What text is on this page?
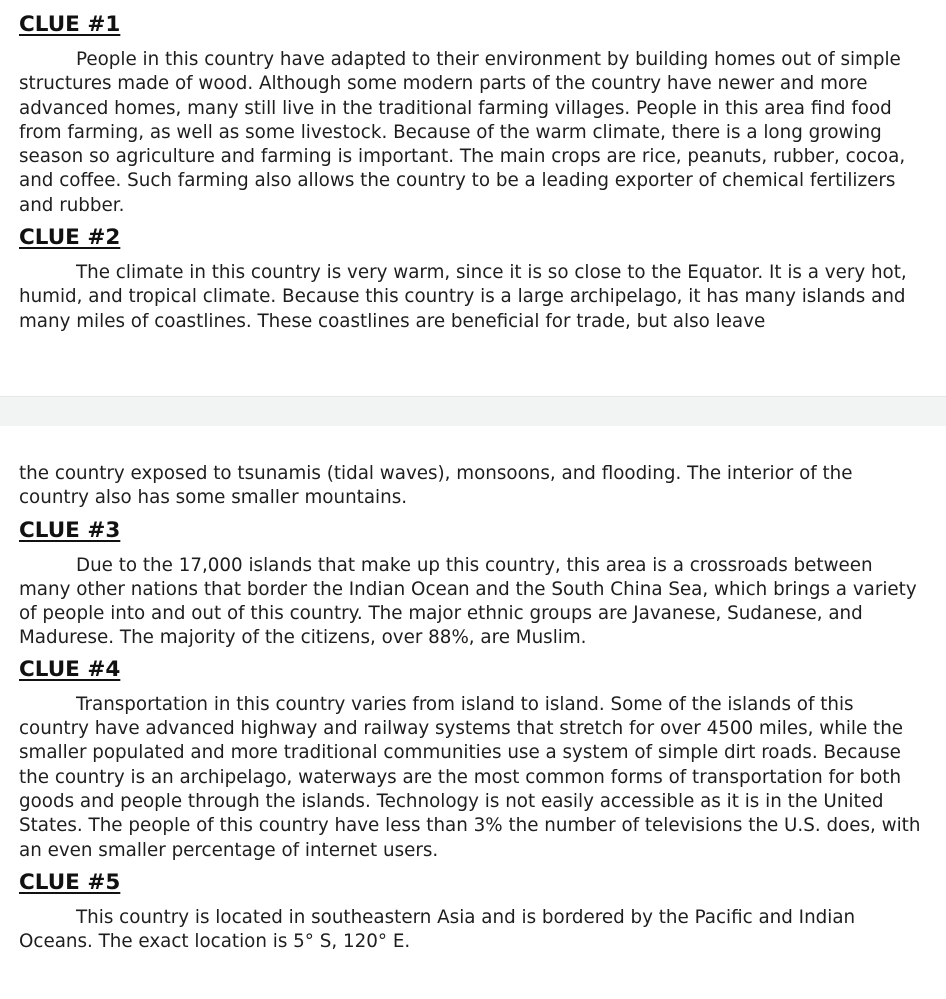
CLUE #1

People in this country have adapted to their environment by building homes out of simple structures made of wood. Although some modern parts of the country have newer and more advanced homes, many still live in the traditional farming villages. People in this area find food from farming, as well as some livestock. Because of the warm climate, there is a long growing season so agriculture and farming is important. The main crops are rice, peanuts, rubber, cocoa, and coffee. Such farming also allows the country to be a leading exporter of chemical fertilizers and rubber.

CLUE #2

The climate in this country is very warm, since it is so close to the Equator. It is a very hot, humid, and tropical climate. Because this country is a large archipelago, it has many islands and many miles of coastlines. These coastlines are beneficial for trade, but also leave

the country exposed to tsunamis (tidal waves), monsoons, and flooding. The interior of the country also has some smaller mountains.

CLUE #3

Due to the 17,000 islands that make up this country, this area is a crossroads between many other nations that border the Indian Ocean and the South China Sea, which brings a variety of people into and out of this country. The major ethnic groups are Javanese, Sudanese, and Madurese. The majority of the citizens, over 88%, are Muslim.

CLUE #4

Transportation in this country varies from island to island. Some of the islands of this country have advanced highway and railway systems that stretch for over 4500 miles, while the smaller populated and more traditional communities use a system of simple dirt roads. Because the country is an archipelago, waterways are the most common forms of transportation for both goods and people through the islands. Technology is not easily accessible as it is in the United States. The people of this country have less than 3% the number of televisions the U.S. does, with an even smaller percentage of internet users.

CLUE #5

This country is located in southeastern Asia and is bordered by the Pacific and Indian Oceans. The exact location is 5° S, 120° E.
